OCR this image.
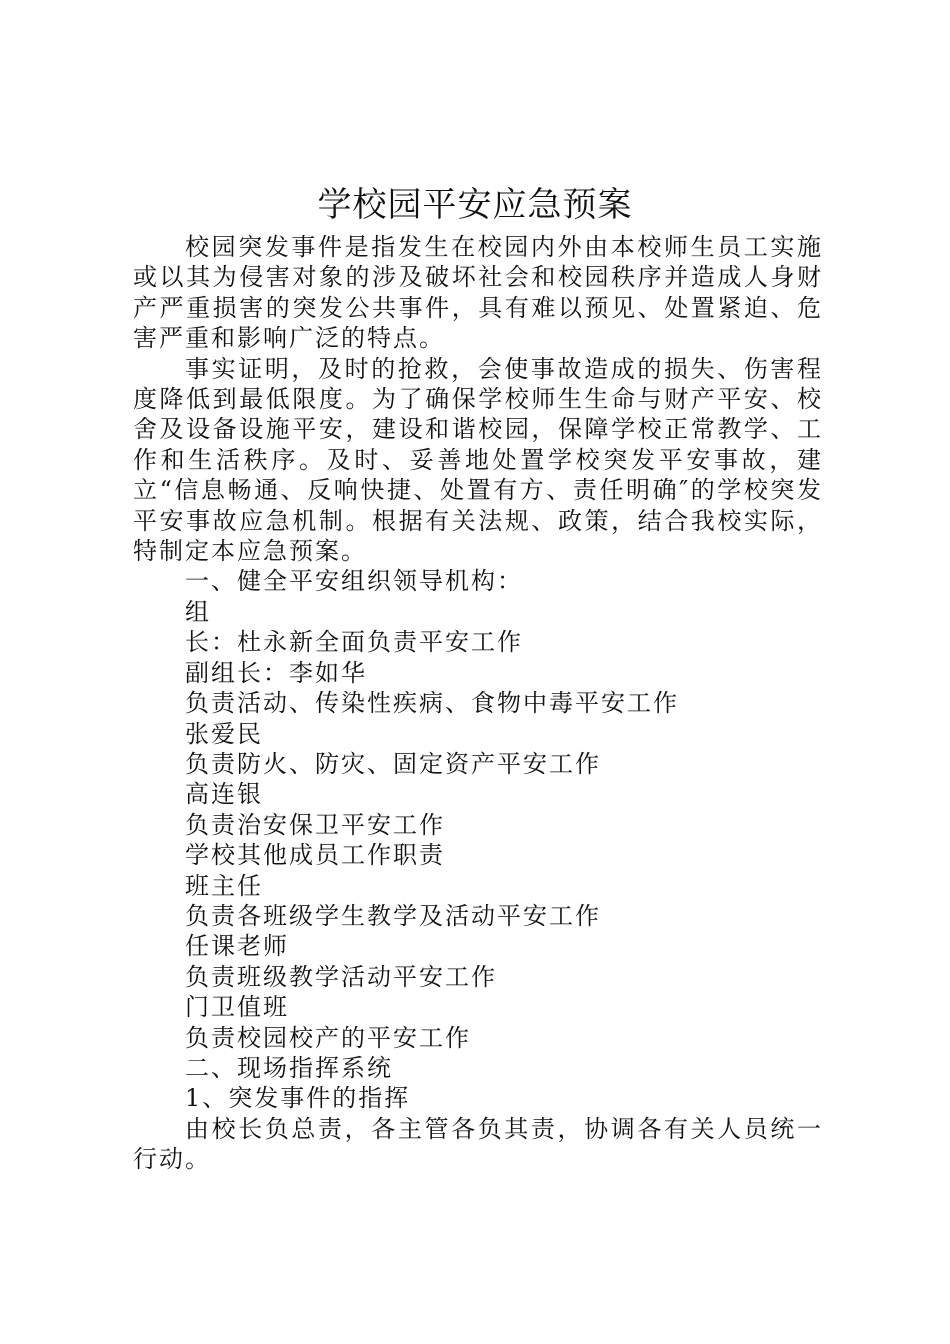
学校园平安应急预案

校园突发事件是指发生在校园内外由本校师生员工实施或以其为侵害对象的涉及破坏社会和校园秩序并造成人身财产严重损害的突发公共事件，具有难以预见、处置紧迫、危害严重和影响广泛的特点。

事实证明，及时的抢救，会使事故造成的损失、伤害程度降低到最低限度。为了确保学校师生生命与财产平安、校舍及设备设施平安，建设和谐校园，保障学校正常教学、工作和生活秩序。及时、妥善地处置学校突发平安事故，建立“信息畅通、反响快捷、处置有方、责任明确″的学校突发平安事故应急机制。根据有关法规、政策，结合我校实际，特制定本应急预案。

一、健全平安组织领导机构：

组

长：杜永新全面负责平安工作

副组长：李如华

负责活动、传染性疾病、食物中毒平安工作

张爱民

负责防火、防灾、固定资产平安工作

高连银

负责治安保卫平安工作

学校其他成员工作职责

班主任

负责各班级学生教学及活动平安工作

任课老师

负责班级教学活动平安工作

门卫值班

负责校园校产的平安工作

二、现场指挥系统

1、突发事件的指挥

由校长负总责，各主管各负其责，协调各有关人员统一行动。
